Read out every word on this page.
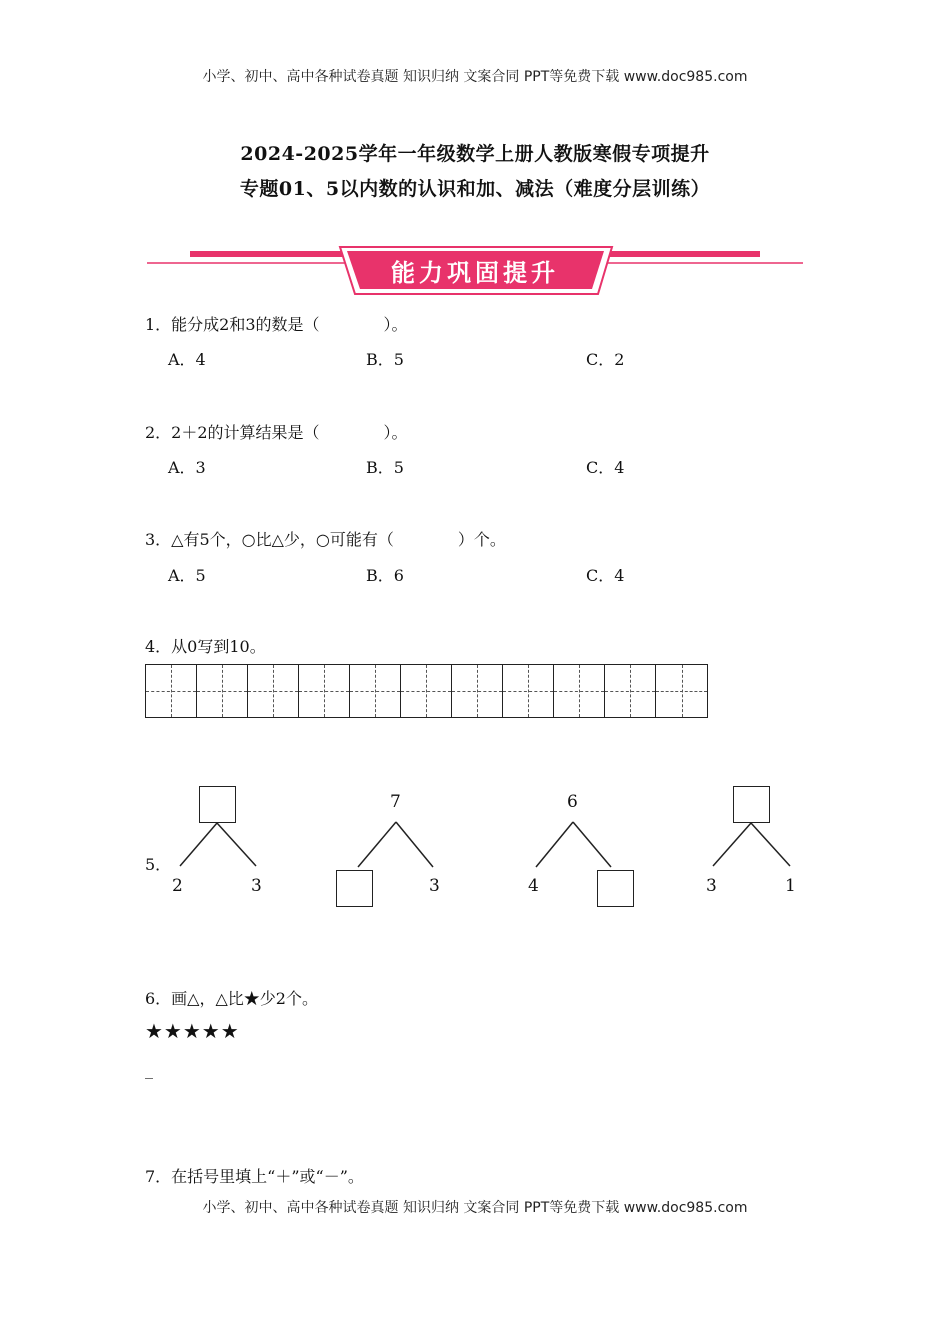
小学、初中、高中各种试卷真题 知识归纳 文案合同 PPT等免费下载 www.doc985.com
2024-2025学年一年级数学上册人教版寒假专项提升
专题01、5以内数的认识和加、减法（难度分层训练）
能力巩固提升
1．能分成2和3的数是（　　　　）。
A．4	B．5	C．2
2．2＋2的计算结果是（　　　　）。
A．3	B．5	C．4
3．△有5个，○比△少，○可能有（　　　　）个。
A．5	B．6	C．4
4．从0写到10。
5．
2	3
7
3
6
4	3	1
6．画△，△比★少2个。
★★★★★
_
7．在括号里填上“＋”或“－”。
小学、初中、高中各种试卷真题 知识归纳 文案合同 PPT等免费下载 www.doc985.com
